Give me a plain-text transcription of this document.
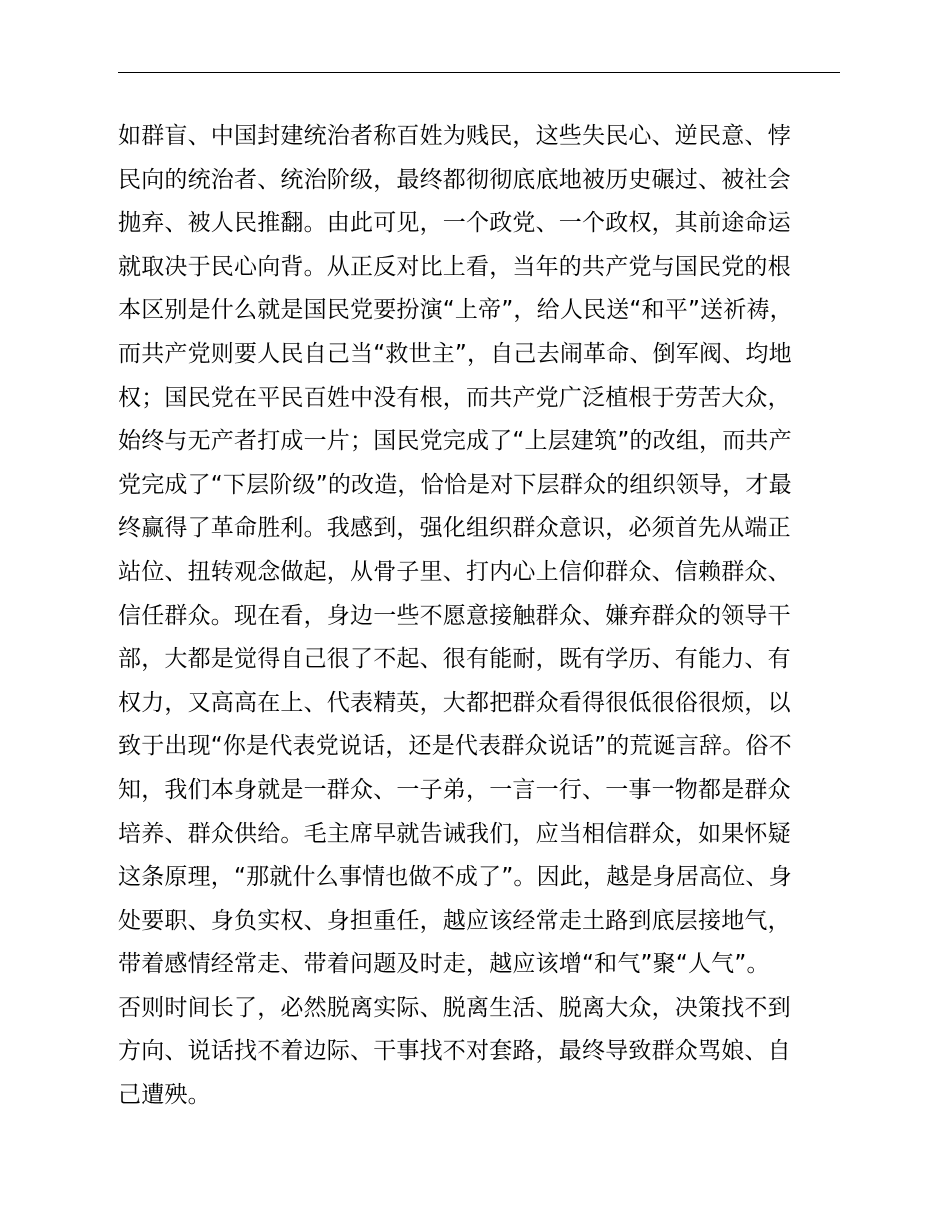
如群盲、中国封建统治者称百姓为贱民，这些失民心、逆民意、悖
民向的统治者、统治阶级，最终都彻彻底底地被历史碾过、被社会
抛弃、被人民推翻。由此可见，一个政党、一个政权，其前途命运
就取决于民心向背。从正反对比上看，当年的共产党与国民党的根
本区别是什么就是国民党要扮演“上帝”，给人民送“和平”送祈祷，
而共产党则要人民自己当“救世主”，自己去闹革命、倒军阀、均地
权；国民党在平民百姓中没有根，而共产党广泛植根于劳苦大众，
始终与无产者打成一片；国民党完成了“上层建筑”的改组，而共产
党完成了“下层阶级”的改造，恰恰是对下层群众的组织领导，才最
终赢得了革命胜利。我感到，强化组织群众意识，必须首先从端正
站位、扭转观念做起，从骨子里、打内心上信仰群众、信赖群众、
信任群众。现在看，身边一些不愿意接触群众、嫌弃群众的领导干
部，大都是觉得自己很了不起、很有能耐，既有学历、有能力、有
权力，又高高在上、代表精英，大都把群众看得很低很俗很烦，以
致于出现“你是代表党说话，还是代表群众说话”的荒诞言辞。俗不
知，我们本身就是一群众、一子弟，一言一行、一事一物都是群众
培养、群众供给。毛主席早就告诫我们，应当相信群众，如果怀疑
这条原理，“那就什么事情也做不成了”。因此，越是身居高位、身
处要职、身负实权、身担重任，越应该经常走土路到底层接地气，
带着感情经常走、带着问题及时走，越应该增“和气”聚“人气”。
否则时间长了，必然脱离实际、脱离生活、脱离大众，决策找不到
方向、说话找不着边际、干事找不对套路，最终导致群众骂娘、自
己遭殃。
